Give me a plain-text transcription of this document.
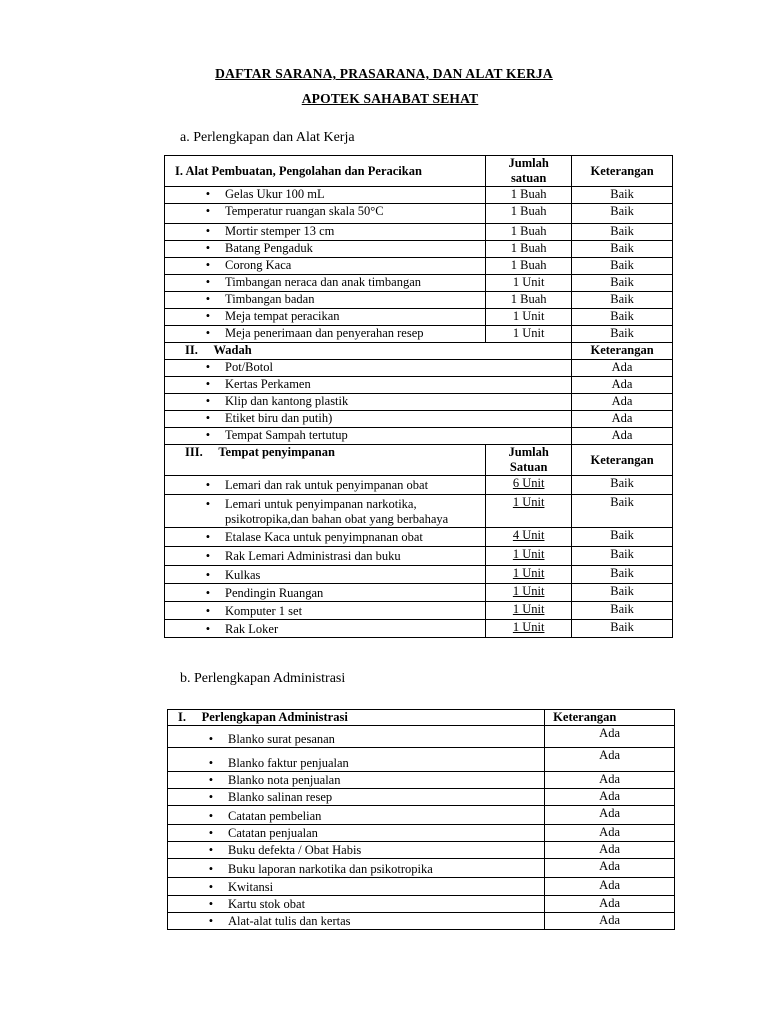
DAFTAR SARANA, PRASARANA, DAN ALAT KERJA
APOTEK SAHABAT SEHAT
a. Perlengkapan dan Alat Kerja
I. Alat Pembuatan, Pengolahan dan Peracikan	Jumlah satuan	Keterangan

• Gelas Ukur 100 mL	1 Buah	Baik

• Temperatur ruangan skala 50°C	1 Buah	Baik

• Mortir stemper 13 cm	1 Buah	Baik

• Batang Pengaduk	1 Buah	Baik

• Corong Kaca	1 Buah	Baik

• Timbangan neraca dan anak timbangan	1 Unit	Baik

• Timbangan badan	1 Buah	Baik

• Meja tempat peracikan	1 Unit	Baik

• Meja penerimaan dan penyerahan resep	1 Unit	Baik
II. Wadah		Keterangan

• Pot/Botol		Ada

• Kertas Perkamen		Ada

• Klip dan kantong plastik		Ada

• Etiket biru dan putih)		Ada

• Tempat Sampah tertutup		Ada
III. Tempat penyimpanan	Jumlah Satuan	Keterangan

• Lemari dan rak untuk penyimpanan obat	6 Unit	Baik

• Lemari untuk penyimpanan narkotika, psikotropika,dan bahan obat yang berbahaya	1 Unit	Baik

• Etalase Kaca untuk penyimpnanan obat	4 Unit	Baik

• Rak Lemari Administrasi dan buku	1 Unit	Baik

• Kulkas	1 Unit	Baik

• Pendingin Ruangan	1 Unit	Baik

• Komputer 1 set	1 Unit	Baik

• Rak Loker	1 Unit	Baik
b. Perlengkapan Administrasi
I. Perlengkapan Administrasi	Keterangan

• Blanko surat pesanan	Ada

• Blanko faktur penjualan	Ada

• Blanko nota penjualan	Ada

• Blanko salinan resep	Ada

• Catatan pembelian	Ada

• Catatan penjualan	Ada

• Buku defekta / Obat Habis	Ada

• Buku laporan narkotika dan psikotropika	Ada

• Kwitansi	Ada

• Kartu stok obat	Ada

• Alat-alat tulis dan kertas	Ada
